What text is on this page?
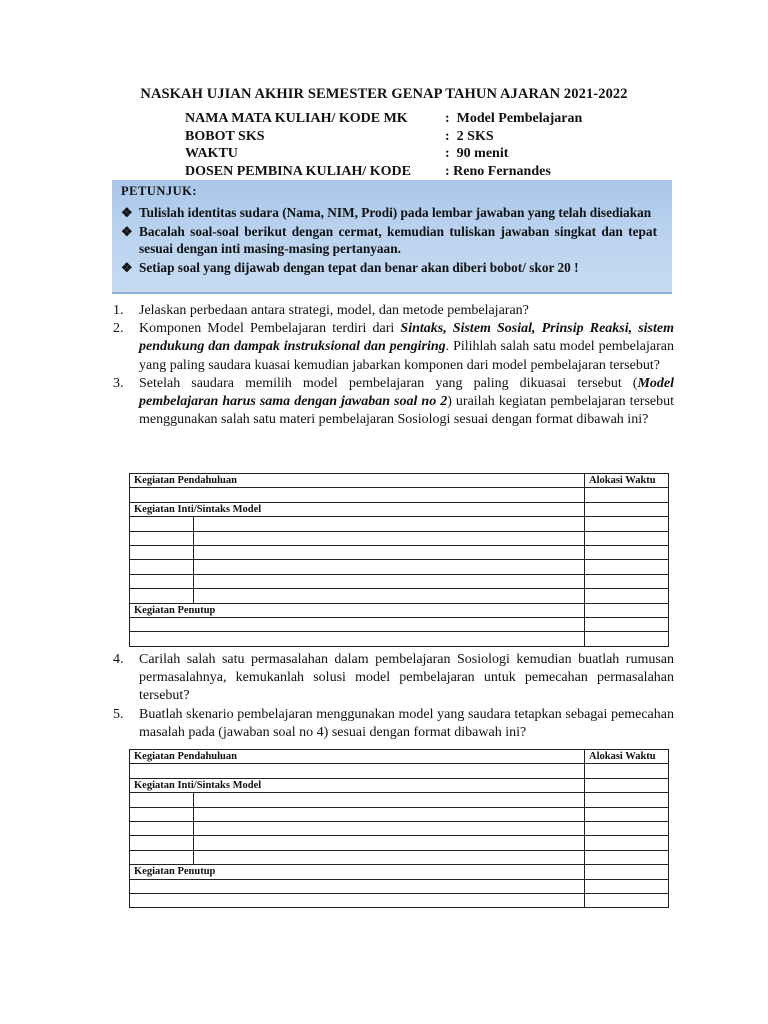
NASKAH UJIAN AKHIR SEMESTER GENAP TAHUN AJARAN 2021-2022
NAMA MATA KULIAH/ KODE MK	:  Model Pembelajaran
BOBOT SKS	:  2 SKS
WAKTU	:  90 menit
DOSEN PEMBINA KULIAH/ KODE	: Reno Fernandes
PETUNJUK:
❖ Tulislah identitas sudara (Nama, NIM, Prodi) pada lembar jawaban yang telah disediakan
❖ Bacalah soal-soal berikut dengan cermat, kemudian tuliskan jawaban singkat dan tepat sesuai dengan inti masing-masing pertanyaan.
❖ Setiap soal yang dijawab dengan tepat dan benar akan diberi bobot/ skor 20 !
1.	Jelaskan perbedaan antara strategi, model, dan metode pembelajaran?
2.	Komponen Model Pembelajaran terdiri dari Sintaks, Sistem Sosial, Prinsip Reaksi, sistem pendukung dan dampak instruksional dan pengiring. Pilihlah salah satu model pembelajaran yang paling saudara kuasai kemudian jabarkan komponen dari model pembelajaran tersebut?
3.	Setelah saudara memilih model pembelajaran yang paling dikuasai tersebut (Model pembelajaran harus sama dengan jawaban soal no 2) urailah kegiatan pembelajaran tersebut menggunakan salah satu materi pembelajaran Sosiologi sesuai dengan format dibawah ini?
Kegiatan Pendahuluan		Alokasi Waktu

Kegiatan Inti/Sintaks Model		

Kegiatan Penutup		

4.	Carilah salah satu permasalahan dalam pembelajaran Sosiologi kemudian buatlah rumusan permasalahnya, kemukanlah solusi model pembelajaran untuk pemecahan permasalahan tersebut?
5.	Buatlah skenario pembelajaran menggunakan model yang saudara tetapkan sebagai pemecahan masalah pada (jawaban soal no 4) sesuai dengan format dibawah ini?
Kegiatan Pendahuluan		Alokasi Waktu

Kegiatan Inti/Sintaks Model		

Kegiatan Penutup		
